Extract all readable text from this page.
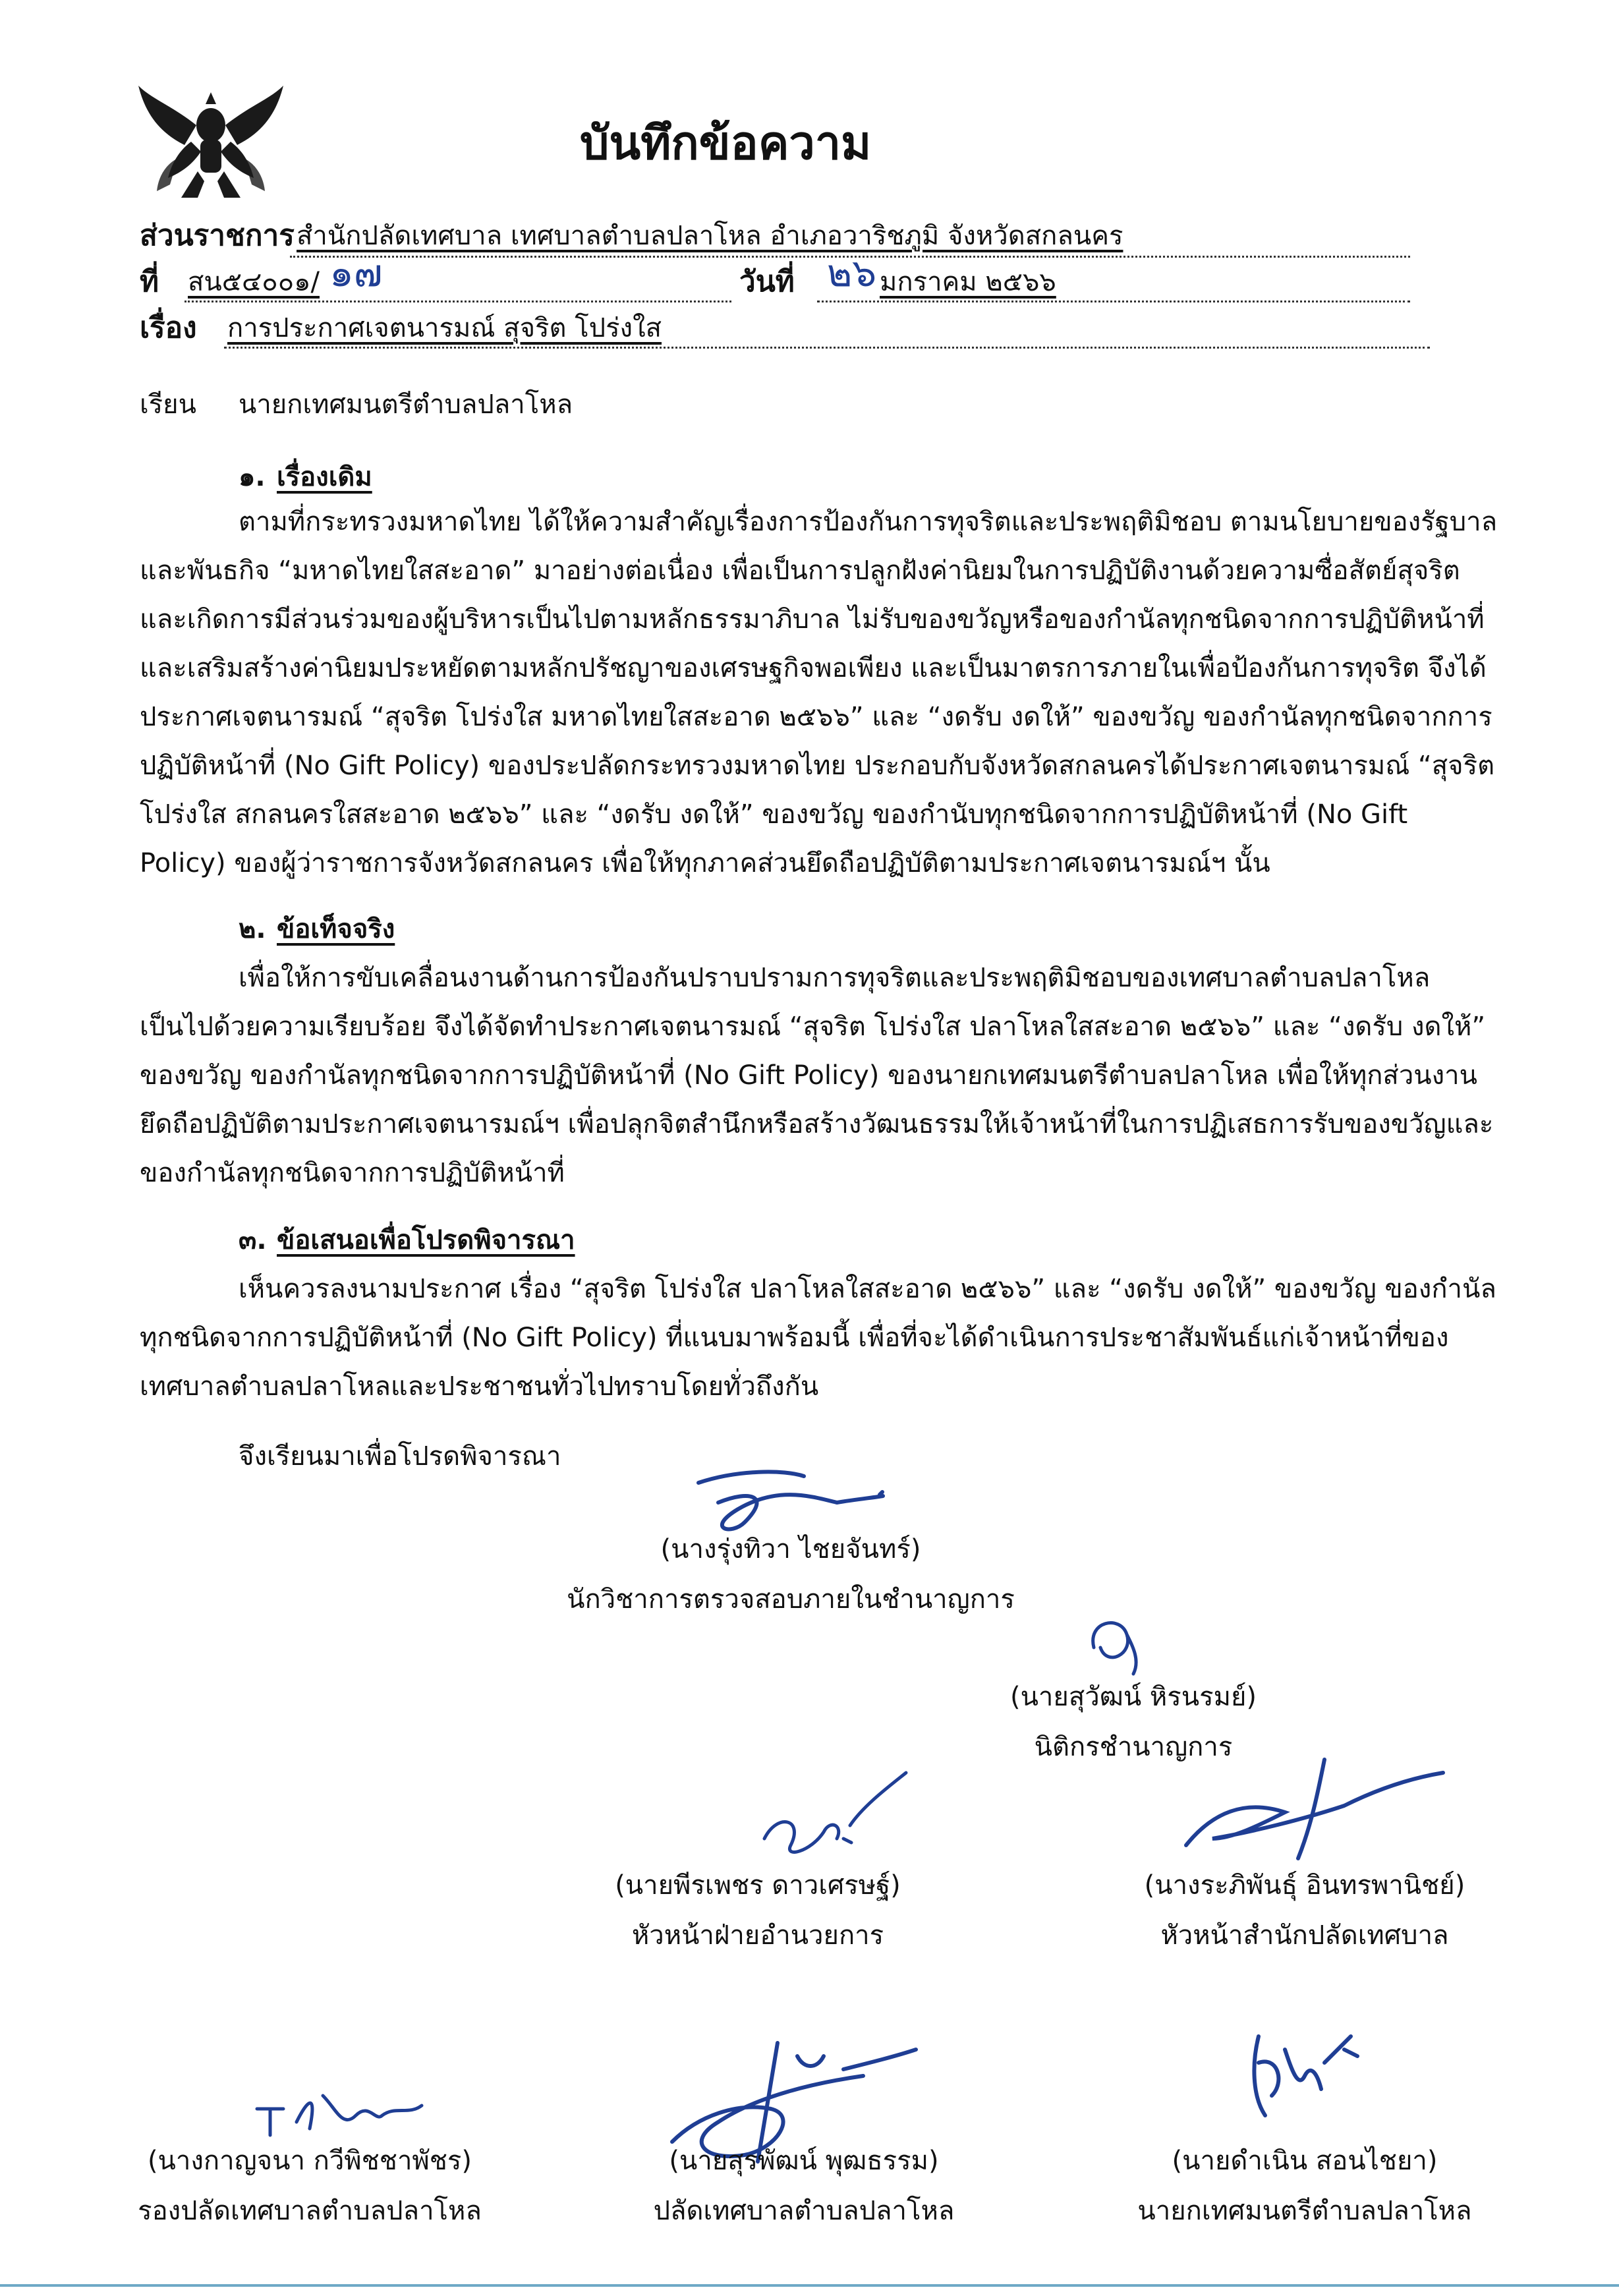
บันทึกข้อความ
ส่วนราชการ สำนักปลัดเทศบาล เทศบาลตำบลปลาโหล อำเภอวาริชภูมิ จังหวัดสกลนคร
ที่ สน๕๔๐๐๑/ ๑๗	วันที่ ๒๖ มกราคม ๒๕๖๖
เรื่อง การประกาศเจตนารมณ์ สุจริต โปร่งใส
เรียน นายกเทศมนตรีตำบลปลาโหล
๑. เรื่องเดิม
ตามที่กระทรวงมหาดไทย ได้ให้ความสำคัญเรื่องการป้องกันการทุจริตและประพฤติมิชอบ ตามนโยบายของรัฐบาล
และพันธกิจ “มหาดไทยใสสะอาด” มาอย่างต่อเนื่อง เพื่อเป็นการปลูกฝังค่านิยมในการปฏิบัติงานด้วยความซื่อสัตย์สุจริต
และเกิดการมีส่วนร่วมของผู้บริหารเป็นไปตามหลักธรรมาภิบาล ไม่รับของขวัญหรือของกำนัลทุกชนิดจากการปฏิบัติหน้าที่
และเสริมสร้างค่านิยมประหยัดตามหลักปรัชญาของเศรษฐกิจพอเพียง และเป็นมาตรการภายในเพื่อป้องกันการทุจริต จึงได้
ประกาศเจตนารมณ์ “สุจริต โปร่งใส มหาดไทยใสสะอาด ๒๕๖๖” และ “งดรับ งดให้” ของขวัญ ของกำนัลทุกชนิดจากการ
ปฏิบัติหน้าที่ (No Gift Policy) ของประปลัดกระทรวงมหาดไทย ประกอบกับจังหวัดสกลนครได้ประกาศเจตนารมณ์ “สุจริต
โปร่งใส สกลนครใสสะอาด ๒๕๖๖” และ “งดรับ งดให้” ของขวัญ ของกำนับทุกชนิดจากการปฏิบัติหน้าที่ (No Gift
Policy) ของผู้ว่าราชการจังหวัดสกลนคร เพื่อให้ทุกภาคส่วนยึดถือปฏิบัติตามประกาศเจตนารมณ์ฯ นั้น
๒. ข้อเท็จจริง
เพื่อให้การขับเคลื่อนงานด้านการป้องกันปราบปรามการทุจริตและประพฤติมิชอบของเทศบาลตำบลปลาโหล
เป็นไปด้วยความเรียบร้อย จึงได้จัดทำประกาศเจตนารมณ์ “สุจริต โปร่งใส ปลาโหลใสสะอาด ๒๕๖๖” และ “งดรับ งดให้”
ของขวัญ ของกำนัลทุกชนิดจากการปฏิบัติหน้าที่ (No Gift Policy) ของนายกเทศมนตรีตำบลปลาโหล เพื่อให้ทุกส่วนงาน
ยึดถือปฏิบัติตามประกาศเจตนารมณ์ฯ เพื่อปลุกจิตสำนึกหรือสร้างวัฒนธรรมให้เจ้าหน้าที่ในการปฏิเสธการรับของขวัญและ
ของกำนัลทุกชนิดจากการปฏิบัติหน้าที่
๓. ข้อเสนอเพื่อโปรดพิจารณา
เห็นควรลงนามประกาศ เรื่อง “สุจริต โปร่งใส ปลาโหลใสสะอาด ๒๕๖๖” และ “งดรับ งดให้” ของขวัญ ของกำนัล
ทุกชนิดจากการปฏิบัติหน้าที่ (No Gift Policy) ที่แนบมาพร้อมนี้ เพื่อที่จะได้ดำเนินการประชาสัมพันธ์แก่เจ้าหน้าที่ของ
เทศบาลตำบลปลาโหลและประชาชนทั่วไปทราบโดยทั่วถึงกัน
จึงเรียนมาเพื่อโปรดพิจารณา
(นางรุ่งทิวา ไชยจันทร์)
นักวิชาการตรวจสอบภายในชำนาญการ
(นายสุวัฒน์ หิรนรมย์)
นิติกรชำนาญการ
(นายพีรเพชร ดาวเศรษฐ์)
หัวหน้าฝ่ายอำนวยการ
(นางระภิพันธุ์ อินทรพานิชย์)
หัวหน้าสำนักปลัดเทศบาล
(นางกาญจนา กวีพิชชาพัชร)
รองปลัดเทศบาลตำบลปลาโหล
(นายสุรพัฒน์ พุฒธรรม)
ปลัดเทศบาลตำบลปลาโหล
(นายดำเนิน สอนไชยา)
นายกเทศมนตรีตำบลปลาโหล
